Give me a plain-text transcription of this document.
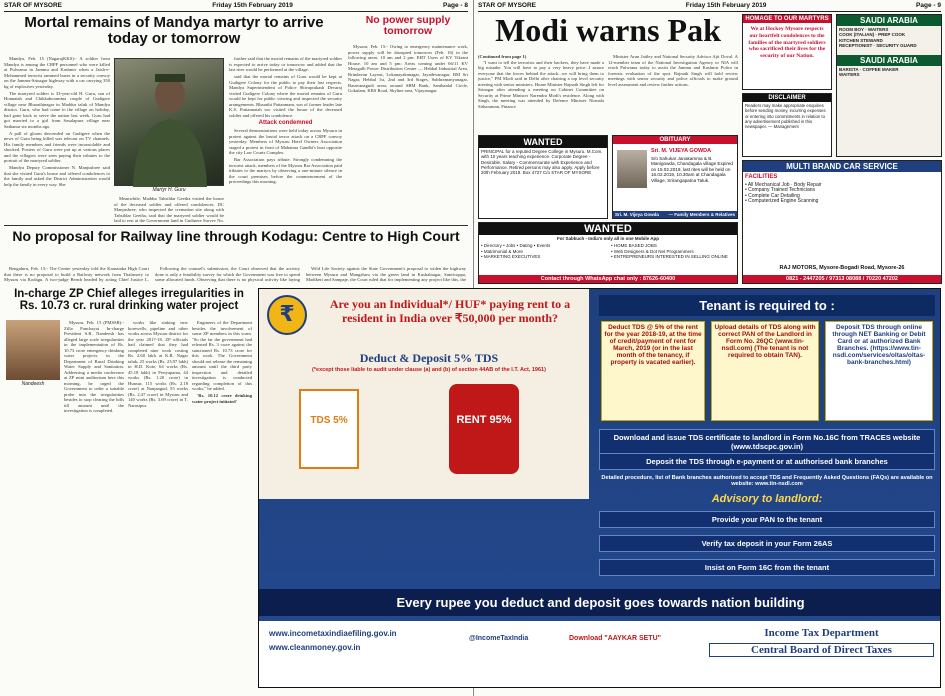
STAR OF MYSORE	Friday 15th February 2019	Page - 8
Mortal remains of Mandya martyr to arrive today or tomorrow

Mandya, Feb. 15 (NagarajKKS):- A soldier from Mandya is among the CRPF personnel who were killed at Pulwama in Jammu and Kashmir when a Jaish-e-Mohammed terrorist rammed buses in a security convoy on the Jammu-Srinagar highway with a car carrying 350 kg of explosives yesterday.

The martyred soldier is 33-year-old H. Guru, son of Honnaiah and Chikkaboramma couple of Gudigere village near Bharathinagar in Maddur taluk of Mandya district. Guru, who had come to the village on holiday, had gone back to serve the nation last week. Guru had got married to a girl from Sasalapura village near Sathanur six months ago.

A pall of gloom descended on Gudigere when the news of Guru being killed was telecast on TV channels. His family members and friends were inconsolable and shocked. Posters of Guru were put up at various places and the villagers were seen paying their tributes to the portrait of the martyred soldier.

Mandya Deputy Commissioner N. Manjushree said that she visited Guru's house and offered condolences to the family and asked the District Administration would help the family in every way. She

Martyr H. Guru

Meanwhile, Maddur Tahsildar Geetha visited the house of the deceased soldier and offered condolences. DC Manjushree, who inspected the cremation site along with Tahsildar Geetha, said that the martyred soldier would be laid to rest at the Government land in Gudigere Survey No.

further said that the mortal remains of the martyred soldier is expected to arrive today or tomorrow and added that the last rites would be performed at the village.

said that the mortal remains of Guru would be kept at Gudigere Colony for the public to pay their last respects. Mandya Superintendent of Police Shivaprakash Devaraj visited Gudigere Colony where the mortal remains of Guru would be kept for public viewing and inspected the security arrangements. Bharathi Pattanmam, son of former leader late K.S. Puttannaiah too visited the house of the deceased soldier and offered his condolence.

Attack condemned

Several demonstrations were held today across Mysuru in protest against the brutal terror attack on a CRPF convoy yesterday. Members of Mysuru Hotel Owners Association staged a protest in front of Mahatma Gandhi's bust opposite the city Law Courts Complex.

Bar Association pays tribute. Strongly condemning the terrorist attack, members of the Mysuru Bar Association paid tributes to the martyrs by observing a one-minute silence in the court premises before the commencement of the proceedings this morning.

No power supply tomorrow

Mysuru, Feb. 15:- Owing to emergency maintenance work, power supply will be disrupted tomorrow (Feb. 16) in the following areas. 10 am and 2 pm: EHT Users of KV Vikrant House. 10 am and 5 pm: Areas coming under 66/11 KV Metagalli Power Distribution Centre — Hebbal Industrial Area, Brindavan Layout, Lokanayakanagar, Jayadevanagar, BM Sri Nagar, Hebbal 1st, 2nd and 3rd Stages, Subhramanyanagar, Basavanagudi areas around SBM Bank, Santhanlal Circle, Gokulam, KRS Road, Skyline area, Vijayanagar.

No proposal for Railway line through Kodagu: Centre to High Court

Bengaluru, Feb. 15:- The Centre yesterday told the Karnataka High Court that there is no proposal to build a Railway network from Thalassery to Mysuru via Kodagu. A two-judge Bench headed by acting Chief Justice L.

Following the counsel's submission, the Court observed that the activity done is only a feasibility survey for which the Government was free to spend some allocated funds. Observing that there is no physical activity like laying

Wild Life Society against the State Government's proposal to widen the highway between Mysuru and Mangaluru via the green land in Kushalnagar, Sunticoppa, Madikeri and Sampaje, the Court ruled that for implementing any project like this, the

STAR OF MYSORE	Friday 15th February 2019	Page - 9
Modi warns Pak
(Continued from page 1)

"I want to tell the terrorists and their backers, they have made a big mistake. You will have to pay a very heavy price...I assure everyone that the forces behind the attack...we will bring them to justice," PM Modi said in Delhi after chairing a top level security meeting with senior ministers. Home Minister Rajnath Singh left for Srinagar after attending a meeting on Cabinet Committee on Security at Prime Minister Narendra Modi's residence. Along with Singh, the meeting was attended by Defence Minister Nirmala Sitharaman, Finance

Minister Arun Jaitley and National Security Advisor Ajit Doval. A 12-member team of the National Investigation Agency or NIA will reach Pulwama today to assist the Jammu and Kashmir Police in forensic evaluation of the spot. Rajnath Singh will hold review meetings with senior security and police officials to make ground level assessment and review further actions.

WANTED
PRINCIPAL for a reputed Degree College in Mysuru. M.Com. with 10 years teaching experience. Corporate Degree - Desirable. Salary - Commensurate with Experience and Performance. Retired persons may also apply. Apply before 20th February 2019. Box 4727 C/o STAR OF MYSORE
OBITUARY
Sri. M. VIJEYA GOWDA
S/o Sahukar Janakamma & B. Manigowda, Chandagala village Expired on 15.02.2019, last rites will be held on 16.02.2019, 10.30am at Chandagala Village, Srirangapatna Taluk.
Sri. M. Vijeya Gowda — Family Members & Relatives
WANTED
For Sabkuch - India's only all in one Mobile App
• Directory • Jobs • Dating • Events
• Matrimonial & More
• MARKETING EXECUTIVES
• HOME BASED JOBS
• Web Designers & Dot Net Programmers
• ENTREPRENEURS INTERESTED IN SELLING ONLINE
Contact through WhatsApp chat only : 87626-60400
HOMAGE TO OUR MARTYRS
We at Hockey Mysore respects our heartfelt condolences to the families of the martyred soldiers who sacrificed their lives for the security of our Nation.
DISCLAIMER
Readers may make appropriate enquiries before sending money, incurring expenses or entering into commitments in relation to any advertisement published in this newspaper. — Management
SAUDI ARABIA
ROOM BOY · WAITERS
COOK (ITALIAN) · PREP COOK
KITCHEN STEWARD
RECEPTIONIST · SECURITY GUARD
SAUDI ARABIA
BARISTA · COFFEE MAKER
WAITERS
MULTI BRAND CAR SERVICE
FACILITIES
• All Mechanical Job · Body Repair
• Company Trained Technicians
• Complete Car Detailing
• Computerized Engine Scanning
RAJ MOTORS, Mysore-Bogadi Road, Mysore-26
0821 - 2447205 / 97313 08088 / 70220 47202
In-charge ZP Chief alleges irregularities in Rs. 10.73 cr. rural drinking water project
Nandeesh

Mysuru, Feb. 15 (PMSSR):- Zilla Panchayat In-charge President S.R. Nandeesh has alleged large scale irregularities in the implementation of Rs. 10.73 crore emergency drinking water projects in the Department of Rural Drinking Water Supply and Sanitation. Addressing a media conference at ZP mini auditorium here this morning, he urged the Government to order a suitable probe into the irregularities besides to stop clearing the bills till amount until the investigation is completed.

works like sinking new borewells, pipeline and other works across Mysuru district for the year 2017-18. ZP officials had claimed that they had completed nine work costing Rs. 2.60 lakh at K.R. Nagar taluk, 25 works (Rs. 23.97 lakh) in H.D. Kote, 64 works (Rs. 45.18 lakh) in Periyapatna, 44 works (Rs. 1.20 crore) in Hunsur, 115 works (Rs. 2.18 crore) at Nanjangud, 55 works (Rs. 2.47 crore) in Mysuru and 140 works (Rs. 3.69 crore) in T. Narasipur.

Engineers of the Department besides the involvement of some ZP members in this scam. "So the far the government had released Rs. 3 crore against the sanctioned Rs. 10.73 crore for this work. The Government should not release the remaining amount until the third party inspection and detailed investigation is conducted regarding completion of this works," he added.

'Rs. 10.12 crore drinking water project initiated'

₹	Are you an Individual*/ HUF* paying rent to a resident in India over ₹50,000 per month?
Deduct & Deposit 5% TDS
(*except those liable to audit under clause (a) and (b) of section 44AB of the I.T. Act, 1961)
TDS 5%	RENT 95%
Tenant is required to :
Deduct TDS @ 5% of the rent for the year 2018-19, at the time of credit/payment of rent for March, 2019 (or in the last month of the tenancy, if property is vacated earlier).
Upload details of TDS along with correct PAN of the Landlord in Form No. 26QC (www.tin-nsdl.com) (The tenant is not required to obtain TAN).
Deposit TDS through online through NET Banking or Debit Card or at authorized Bank Branches. (https://www.tin-nsdl.com/services/oltas/oltas-bank-branches.html)
Download and issue TDS certificate to landlord in Form No.16C from TRACES website (www.tdscpc.gov.in)
Deposit the TDS through e-payment or at authorised bank branches
Detailed procedure, list of Bank branches authorized to accept TDS and Frequently Asked Questions (FAQs) are available on website: www.tin-nsdl.com
Advisory to landlord:
Provide your PAN to the tenant
Verify tax deposit in your Form 26AS
Insist on Form 16C from the tenant
Every rupee you deduct and deposit goes towards nation building
www.incometaxindiaefiling.gov.in
www.cleanmoney.gov.in
@IncomeTaxIndia	Download "AAYKAR SETU"	Income Tax Department
Central Board of Direct Taxes
